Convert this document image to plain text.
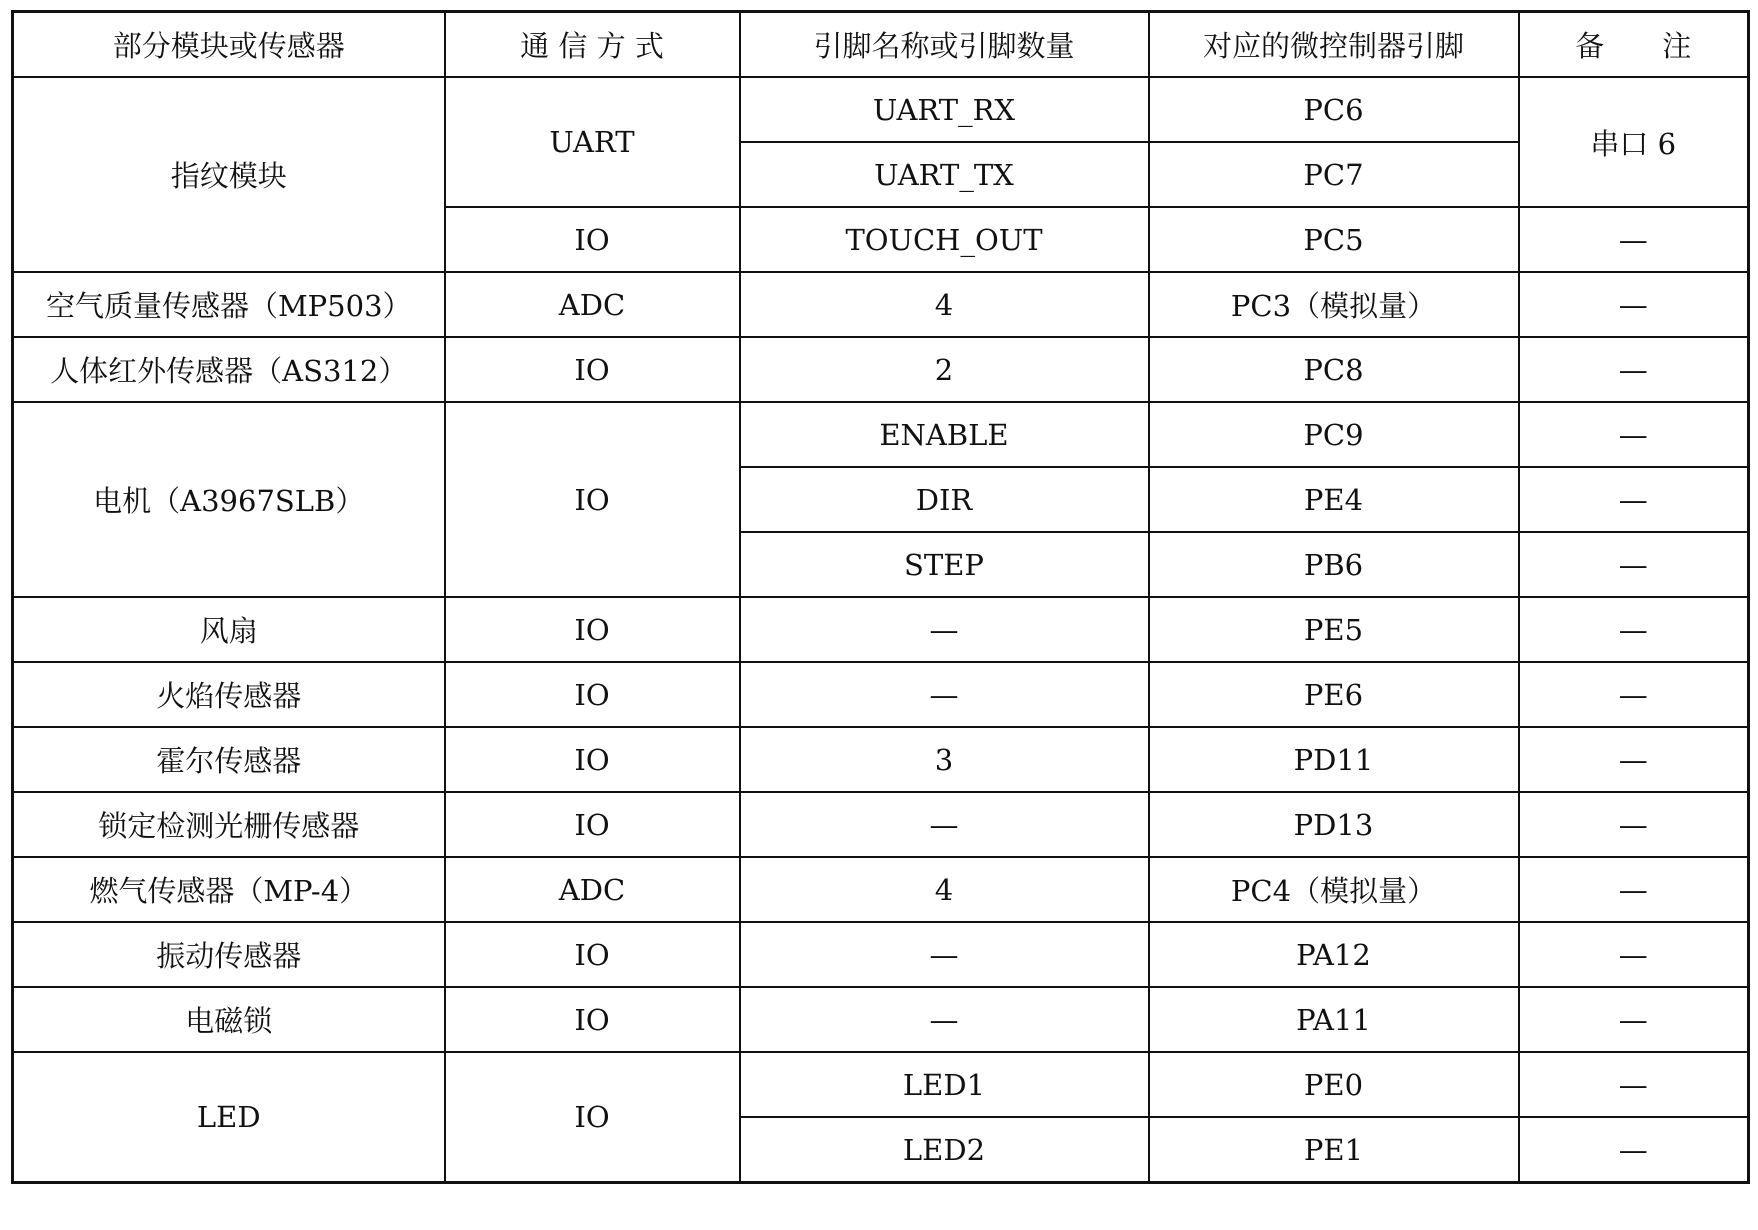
部分模块或传感器	通 信 方 式	引脚名称或引脚数量	对应的微控制器引脚	备　　注
指纹模块	UART	UART_RX	PC6	串口 6
		UART_TX	PC7	
	IO	TOUCH_OUT	PC5	—
空气质量传感器（MP503）	ADC	4	PC3（模拟量）	—
人体红外传感器（AS312）	IO	2	PC8	—
电机（A3967SLB）	IO	ENABLE	PC9	—
		DIR	PE4	—
		STEP	PB6	—
风扇	IO	—	PE5	—
火焰传感器	IO	—	PE6	—
霍尔传感器	IO	3	PD11	—
锁定检测光栅传感器	IO	—	PD13	—
燃气传感器（MP-4）	ADC	4	PC4（模拟量）	—
振动传感器	IO	—	PA12	—
电磁锁	IO	—	PA11	—
LED	IO	LED1	PE0	—
		LED2	PE1	—
